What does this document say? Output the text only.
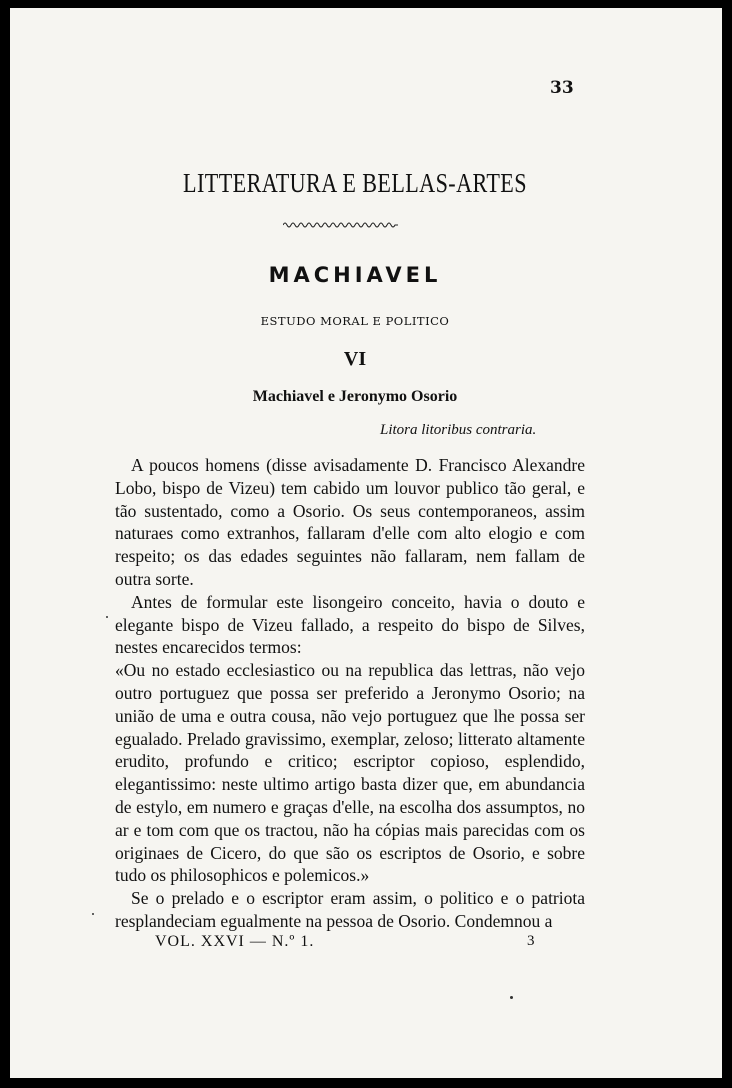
33
LITTERATURA E BELLAS-ARTES
MACHIAVEL
ESTUDO MORAL E POLITICO
VI
Machiavel e Jeronymo Osorio
Litora litoribus contraria.

A poucos homens (disse avisadamente D. Francisco Alexandre Lobo, bispo de Vizeu) tem cabido um louvor publico tão geral, e tão sustentado, como a Osorio. Os seus contemporaneos, assim naturaes como extranhos, fallaram d'elle com alto elogio e com respeito; os das edades seguintes não fallaram, nem fallam de outra sorte.

Antes de formular este lisongeiro conceito, havia o douto e elegante bispo de Vizeu fallado, a respeito do bispo de Silves, nestes encarecidos termos:

«Ou no estado ecclesiastico ou na republica das lettras, não vejo outro portuguez que possa ser preferido a Jeronymo Osorio; na união de uma e outra cousa, não vejo portuguez que lhe possa ser egualado. Prelado gravissimo, exemplar, zeloso; litterato altamente erudito, profundo e critico; escriptor copioso, esplendido, elegantissimo: neste ultimo artigo basta dizer que, em abundancia de estylo, em numero e graças d'elle, na escolha dos assumptos, no ar e tom com que os tractou, não ha cópias mais parecidas com os originaes de Cicero, do que são os escriptos de Osorio, e sobre tudo os philosophicos e polemicos.»

Se o prelado e o escriptor eram assim, o politico e o patriota resplandeciam egualmente na pessoa de Osorio. Condemnou a

VOL. XXVI — N.º 1.	3
